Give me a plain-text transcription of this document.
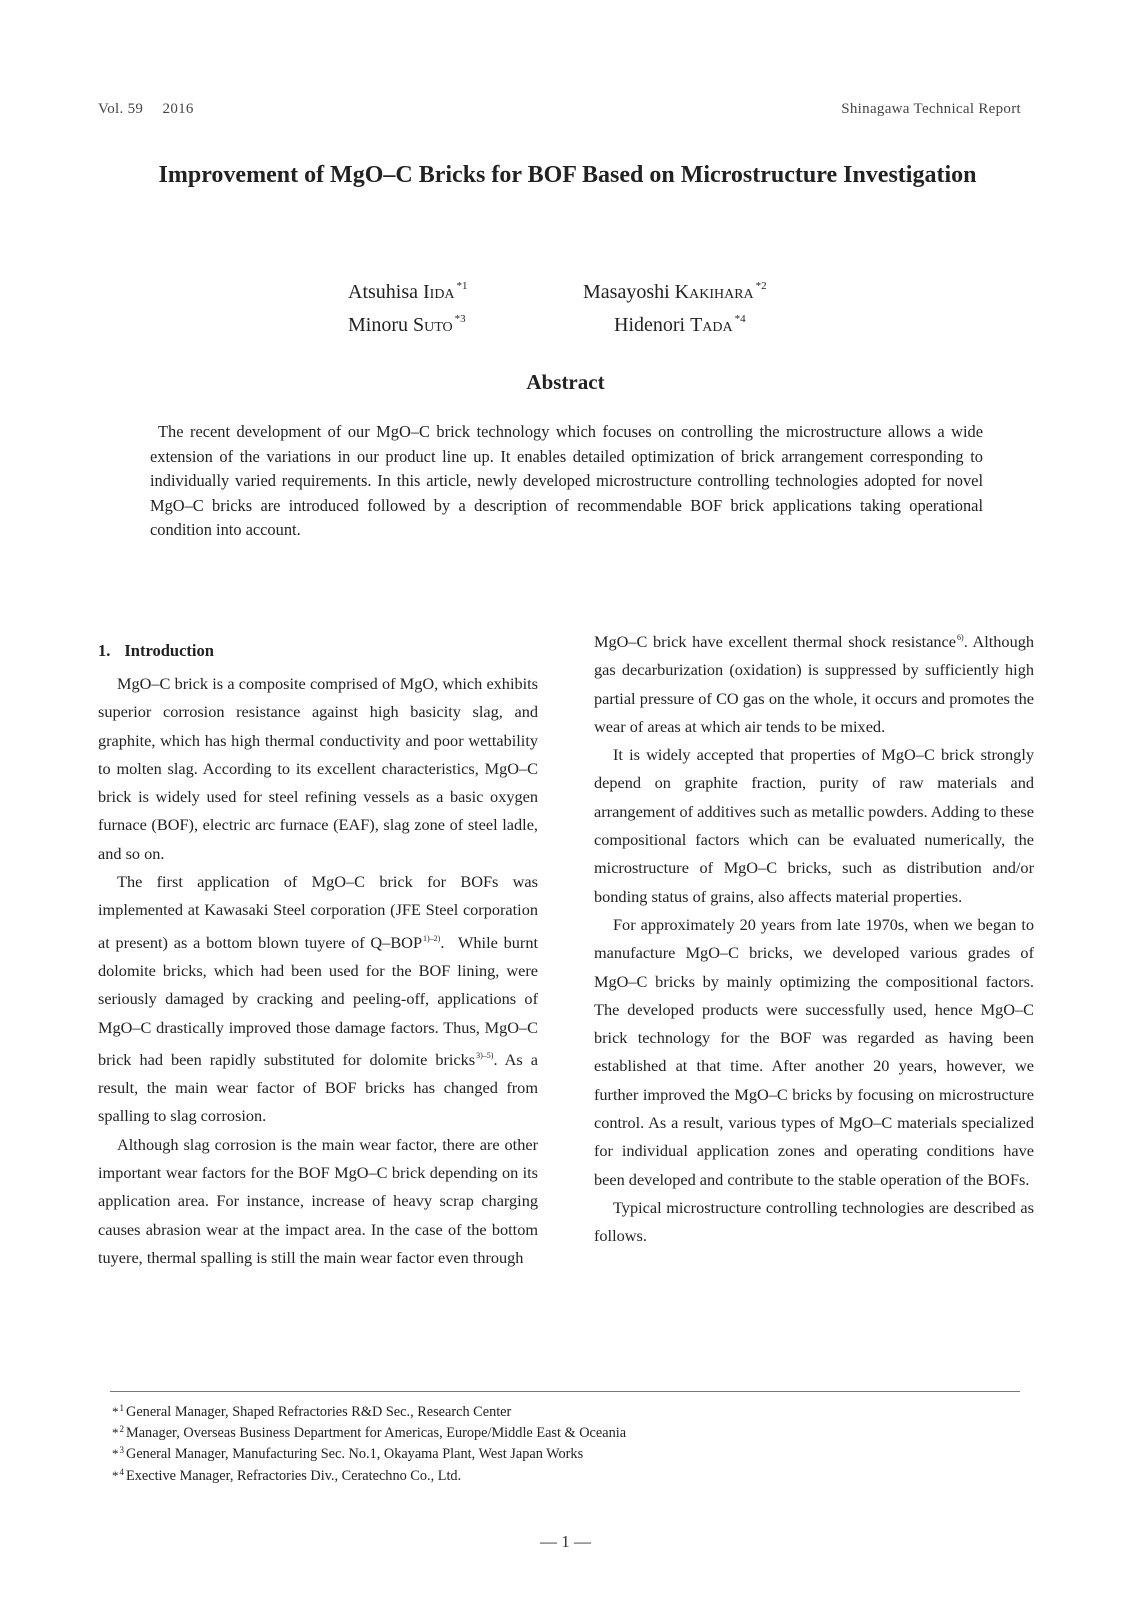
Vol. 59  2016	Shinagawa Technical Report
Improvement of MgO–C Bricks for BOF Based on Microstructure Investigation
Atsuhisa Iida $^{*1}$	Masayoshi Kakihara $^{*2}$
Minoru Suto $^{*3}$	Hidenori Tada $^{*4}$
Abstract

The recent development of our MgO–C brick technology which focuses on controlling the microstructure allows a wide extension of the variations in our product line up. It enables detailed optimization of brick arrangement corresponding to individually varied requirements. In this article, newly developed microstructure controlling technologies adopted for novel MgO–C bricks are introduced followed by a description of recommendable BOF brick applications taking operational condition into account.

1. Introduction

MgO–C brick is a composite comprised of MgO, which exhibits superior corrosion resistance against high basicity slag, and graphite, which has high thermal conductivity and poor wettability to molten slag. According to its excellent characteristics, MgO–C brick is widely used for steel refining vessels as a basic oxygen furnace (BOF), electric arc furnace (EAF), slag zone of steel ladle, and so on.

The first application of MgO–C brick for BOFs was implemented at Kawasaki Steel corporation (JFE Steel corporation at present) as a bottom blown tuyere of Q–BOP$^{1)-2)}$.  While burnt dolomite bricks, which had been used for the BOF lining, were seriously damaged by cracking and peeling-off, applications of MgO–C drastically improved those damage factors. Thus, MgO–C brick had been rapidly substituted for dolomite bricks$^{3)-5)}$. As a result, the main wear factor of BOF bricks has changed from spalling to slag corrosion.

Although slag corrosion is the main wear factor, there are other important wear factors for the BOF MgO–C brick depending on its application area. For instance, increase of heavy scrap charging causes abrasion wear at the impact area. In the case of the bottom tuyere, thermal spalling is still the main wear factor even through

MgO–C brick have excellent thermal shock resistance$^{6)}$. Although gas decarburization (oxidation) is suppressed by sufficiently high partial pressure of CO gas on the whole, it occurs and promotes the wear of areas at which air tends to be mixed.

It is widely accepted that properties of MgO–C brick strongly depend on graphite fraction, purity of raw materials and arrangement of additives such as metallic powders. Adding to these compositional factors which can be evaluated numerically, the microstructure of MgO–C bricks, such as distribution and/or bonding status of grains, also affects material properties.

For approximately 20 years from late 1970s, when we began to manufacture MgO–C bricks, we developed various grades of MgO–C bricks by mainly optimizing the compositional factors. The developed products were successfully used, hence MgO–C brick technology for the BOF was regarded as having been established at that time. After another 20 years, however, we further improved the MgO–C bricks by focusing on microstructure control. As a result, various types of MgO–C materials specialized for individual application zones and operating conditions have been developed and contribute to the stable operation of the BOFs.

Typical microstructure controlling technologies are described as follows.

*$^1$ General Manager, Shaped Refractories R&D Sec., Research Center
*$^2$ Manager, Overseas Business Department for Americas, Europe/Middle East & Oceania
*$^3$ General Manager, Manufacturing Sec. No.1, Okayama Plant, West Japan Works
*$^4$ Exective Manager, Refractories Div., Ceratechno Co., Ltd.
— 1 —
